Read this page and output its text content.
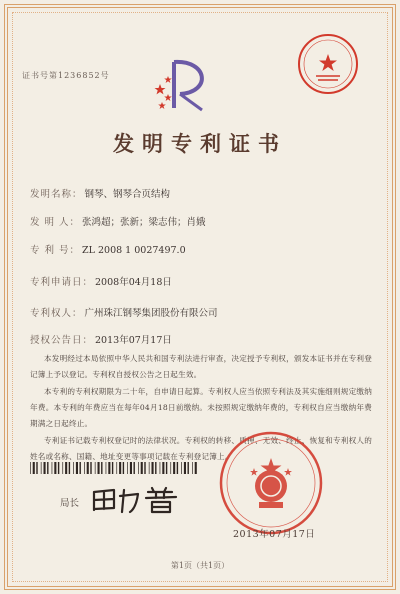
证书号第1236852号
发明专利证书
发明名称： 钢琴、钢琴合页结构
发 明 人： 张鸿超；张新；梁志伟；肖娥
专 利 号： ZL 2008 1 0027497.0
专利申请日： 2008年04月18日
专利权人： 广州珠江钢琴集团股份有限公司
授权公告日： 2013年07月17日

本发明经过本局依照中华人民共和国专利法进行审查，决定授予专利权，颁发本证书并在专利登记簿上予以登记。专利权自授权公告之日起生效。

本专利的专利权期限为二十年，自申请日起算。专利权人应当依照专利法及其实施细则规定缴纳年费。本专利的年费应当在每年04月18日前缴纳。未按照规定缴纳年费的，专利权自应当缴纳年费期满之日起终止。

专利证书记载专利权登记时的法律状况。专利权的转移、质押、无效、终止、恢复和专利权人的姓名或名称、国籍、地址变更等事项记载在专利登记簿上。

局长
2013年07月17日
第1页（共1页）
